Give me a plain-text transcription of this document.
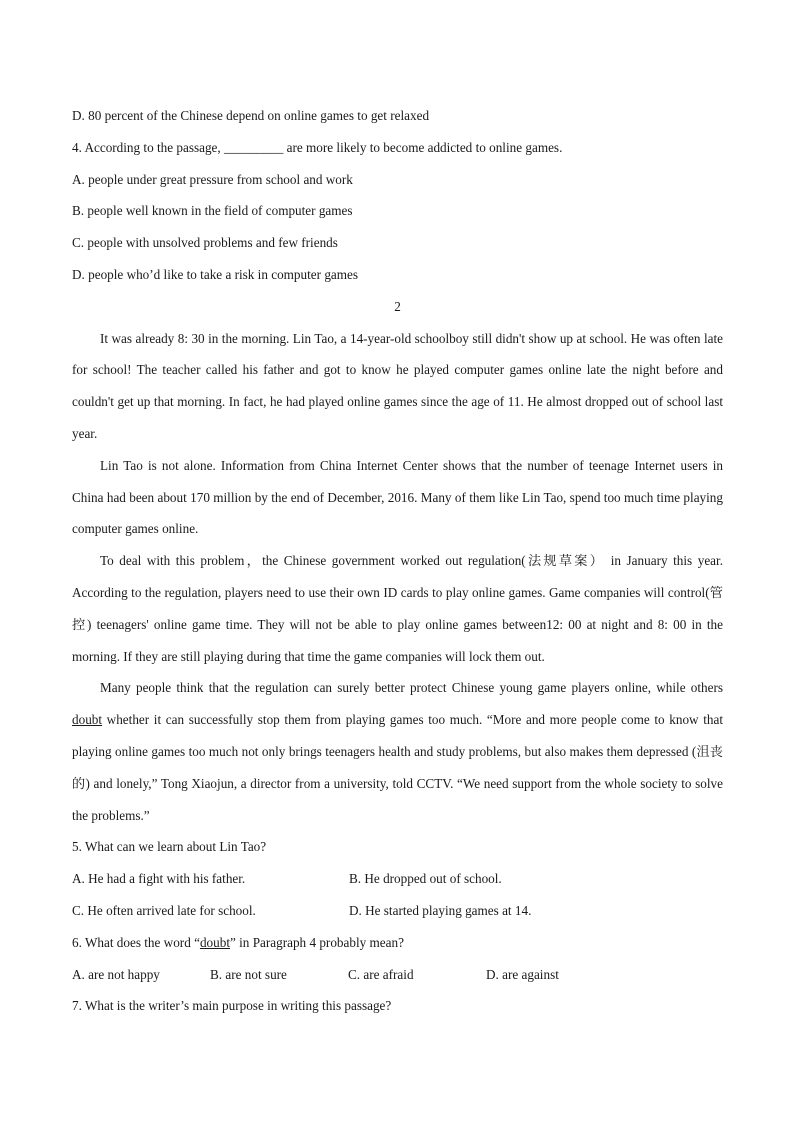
D. 80 percent of the Chinese depend on online games to get relaxed
4. According to the passage, _________ are more likely to become addicted to online games.
A. people under great pressure from school and work
B. people well known in the field of computer games
C. people with unsolved problems and few friends
D. people who’d like to take a risk in computer games
2

It was already 8: 30 in the morning. Lin Tao, a 14-year-old schoolboy still didn't show up at school. He was often late for school! The teacher called his father and got to know he played computer games online late the night before and couldn't get up that morning. In fact, he had played online games since the age of 11. He almost dropped out of school last year.

Lin Tao is not alone. Information from China Internet Center shows that the number of teenage Internet users in China had been about 170 million by the end of December, 2016. Many of them like Lin Tao, spend too much time playing computer games online.

To deal with this problem，the Chinese government worked out regulation(法规草案） in January this year. According to the regulation, players need to use their own ID cards to play online games. Game companies will control(管控) teenagers' online game time. They will not be able to play online games between12: 00 at night and 8: 00 in the morning. If they are still playing during that time the game companies will lock them out.

Many people think that the regulation can surely better protect Chinese young game players online, while others doubt whether it can successfully stop them from playing games too much. “More and more people come to know that playing online games too much not only brings teenagers health and study problems, but also makes them depressed (沮丧的) and lonely,” Tong Xiaojun, a director from a university, told CCTV. “We need support from the whole society to solve the problems.”

5. What can we learn about Lin Tao?
A. He had a fight with his father.	B. He dropped out of school.
C. He often arrived late for school.	D. He started playing games at 14.
6. What does the word “doubt” in Paragraph 4 probably mean?
A. are not happy	B. are not sure	C. are afraid	D. are against
7. What is the writer’s main purpose in writing this passage?
